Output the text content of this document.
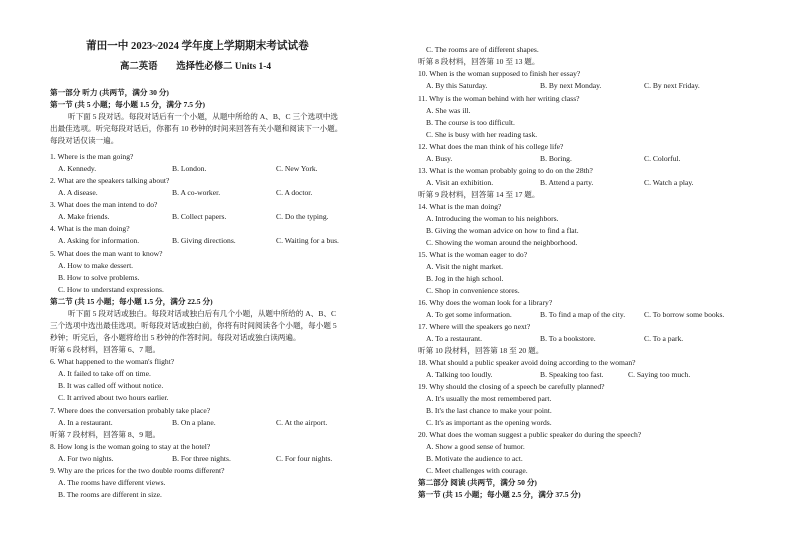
莆田一中 2023~2024 学年度上学期期末考试试卷
高二英语　　选择性必修二 Units 1-4
第一部分 听力 (共两节，满分 30 分)
第一节 (共 5 小题；每小题 1.5 分，满分 7.5 分)
听下面 5 段对话。每段对话后有一个小题，从题中所给的 A、B、C 三个选项中选
出最佳选项。听完每段对话后，你都有 10 秒钟的时间来回答有关小题和阅读下一小题。
每段对话仅读一遍。
1. Where is the man going?
A. Kennedy.	B. London.	C. New York.
2. What are the speakers talking about?
A. A disease.	B. A co-worker.	C. A doctor.
3. What does the man intend to do?
A. Make friends.	B. Collect papers.	C. Do the typing.
4. What is the man doing?
A. Asking for information.	B. Giving directions.	C. Waiting for a bus.
5. What does the man want to know?
A. How to make dessert.
B. How to solve problems.
C. How to understand expressions.
第二节 (共 15 小题；每小题 1.5 分，满分 22.5 分)
听下面 5 段对话或独白。每段对话或独白后有几个小题，从题中所给的 A、B、C
三个选项中选出最佳选项。听每段对话或独白前，你将有时间阅读各个小题，每小题 5
秒钟；听完后，各小题将给出 5 秒钟的作答时间。每段对话或独白读两遍。
听第 6 段材料，回答第 6、7 题。
6. What happened to the woman's flight?
A. It failed to take off on time.
B. It was called off without notice.
C. It arrived about two hours earlier.
7. Where does the conversation probably take place?
A. In a restaurant.	B. On a plane.	C. At the airport.
听第 7 段材料，回答第 8、9 题。
8. How long is the woman going to stay at the hotel?
A. For two nights.	B. For three nights.	C. For four nights.
9. Why are the prices for the two double rooms different?
A. The rooms have different views.
B. The rooms are different in size.
C. The rooms are of different shapes.
听第 8 段材料，回答第 10 至 13 题。
10. When is the woman supposed to finish her essay?
A. By this Saturday.	B. By next Monday.	C. By next Friday.
11. Why is the woman behind with her writing class?
A. She was ill.
B. The course is too difficult.
C. She is busy with her reading task.
12. What does the man think of his college life?
A. Busy.	B. Boring.	C. Colorful.
13. What is the woman probably going to do on the 28th?
A. Visit an exhibition.	B. Attend a party.	C. Watch a play.
听第 9 段材料，回答第 14 至 17 题。
14. What is the man doing?
A. Introducing the woman to his neighbors.
B. Giving the woman advice on how to find a flat.
C. Showing the woman around the neighborhood.
15. What is the woman eager to do?
A. Visit the night market.
B. Jog in the high school.
C. Shop in convenience stores.
16. Why does the woman look for a library?
A. To get some information.	B. To find a map of the city. C. To borrow some books.
17. Where will the speakers go next?
A. To a restaurant.	B. To a bookstore.	C. To a park.
听第 10 段材料，回答第 18 至 20 题。
18. What should a public speaker avoid doing according to the woman?
A. Talking too loudly.	B. Speaking too fast.	C. Saying too much.
19. Why should the closing of a speech be carefully planned?
A. It's usually the most remembered part.
B. It's the last chance to make your point.
C. It's as important as the opening words.
20. What does the woman suggest a public speaker do during the speech?
A. Show a good sense of humor.
B. Motivate the audience to act.
C. Meet challenges with courage.
第二部分 阅读 (共两节，满分 50 分)
第一节 (共 15 小题；每小题 2.5 分，满分 37.5 分)
